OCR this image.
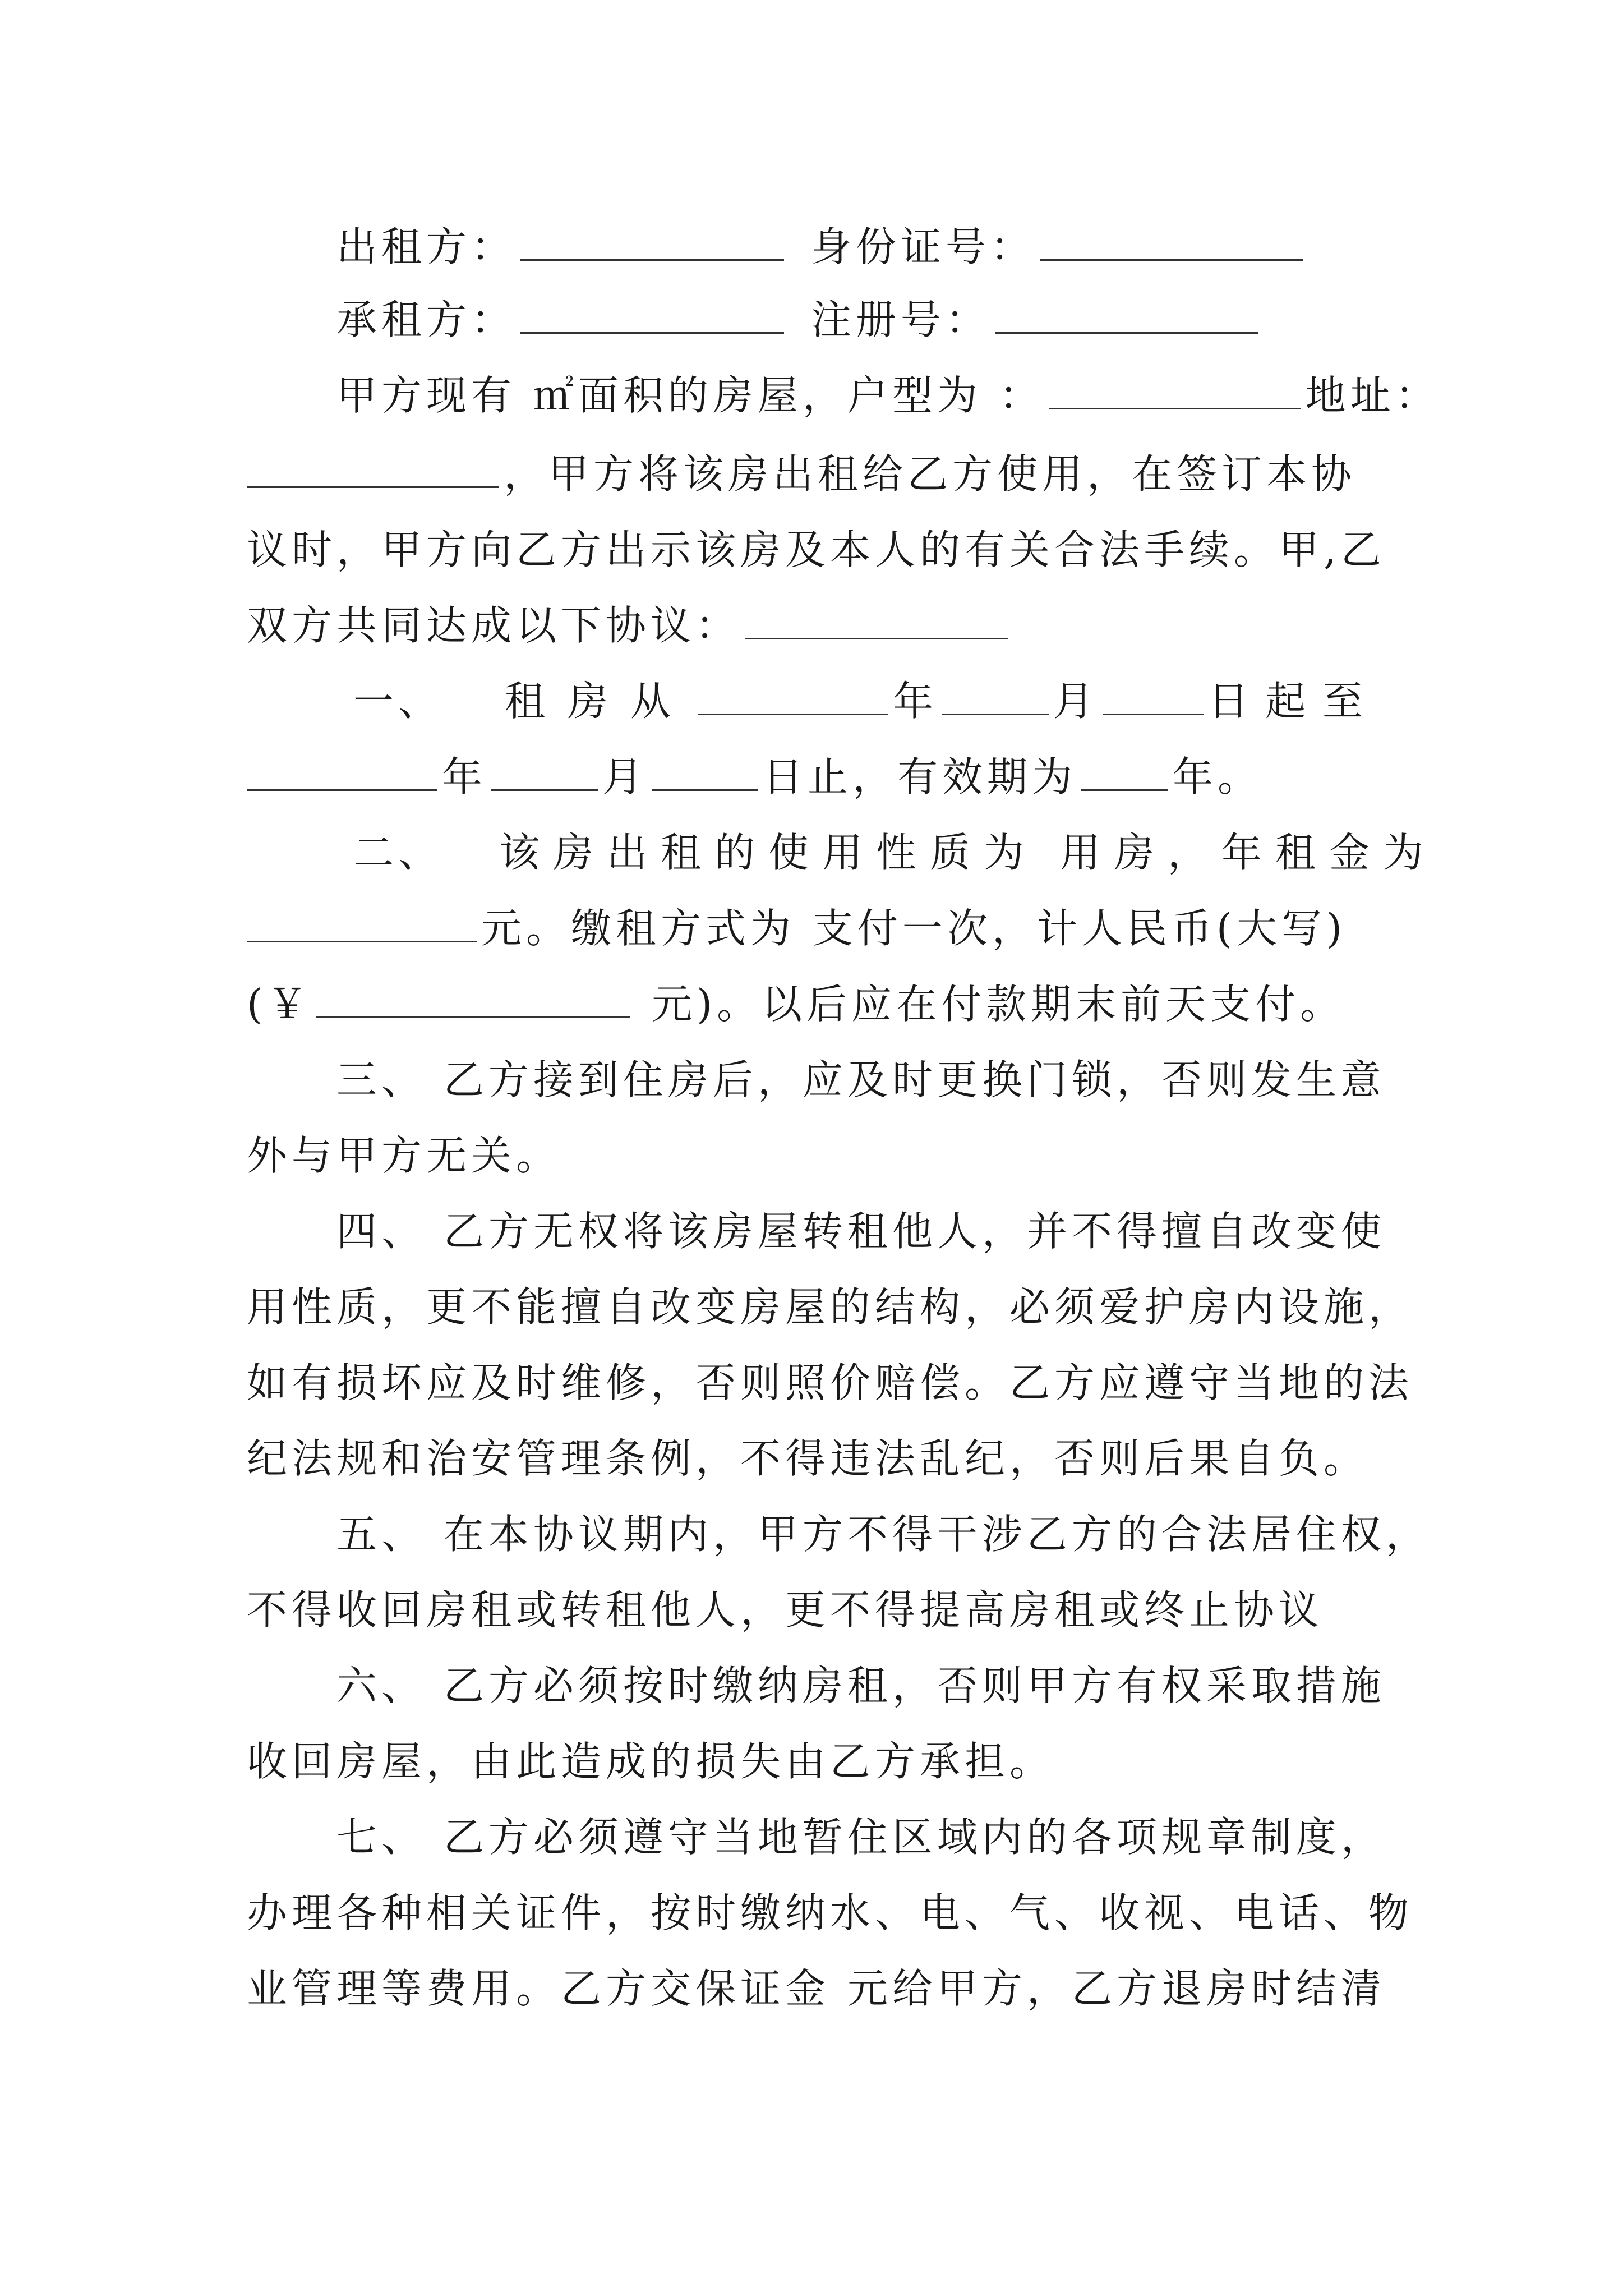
出租方：	身份证号：
承租方：	注册号：
甲方现有 ㎡面积的房屋，户型为 ：	地址：
，甲方将该房出租给乙方使用，在签订本协
议时，甲方向乙方出示该房及本人的有关合法手续。甲,乙
双方共同达成以下协议：
一、 租房从	年	月	日起至
年	月	日止，有效期为 年。
二、 该房出租的使用性质为 用房，年租金为
元。缴租方式为 支付一次，计人民币(大写)
(￥	元)。以后应在付款期末前天支付。
三、 乙方接到住房后，应及时更换门锁，否则发生意
外与甲方无关。
四、 乙方无权将该房屋转租他人，并不得擅自改变使
用性质，更不能擅自改变房屋的结构，必须爱护房内设施，
如有损坏应及时维修，否则照价赔偿。乙方应遵守当地的法
纪法规和治安管理条例，不得违法乱纪，否则后果自负。
五、 在本协议期内，甲方不得干涉乙方的合法居住权，
不得收回房租或转租他人，更不得提高房租或终止协议
六、 乙方必须按时缴纳房租，否则甲方有权采取措施
收回房屋，由此造成的损失由乙方承担。
七、 乙方必须遵守当地暂住区域内的各项规章制度，
办理各种相关证件，按时缴纳水、电、气、收视、电话、物
业管理等费用。乙方交保证金 元给甲方，乙方退房时结清
